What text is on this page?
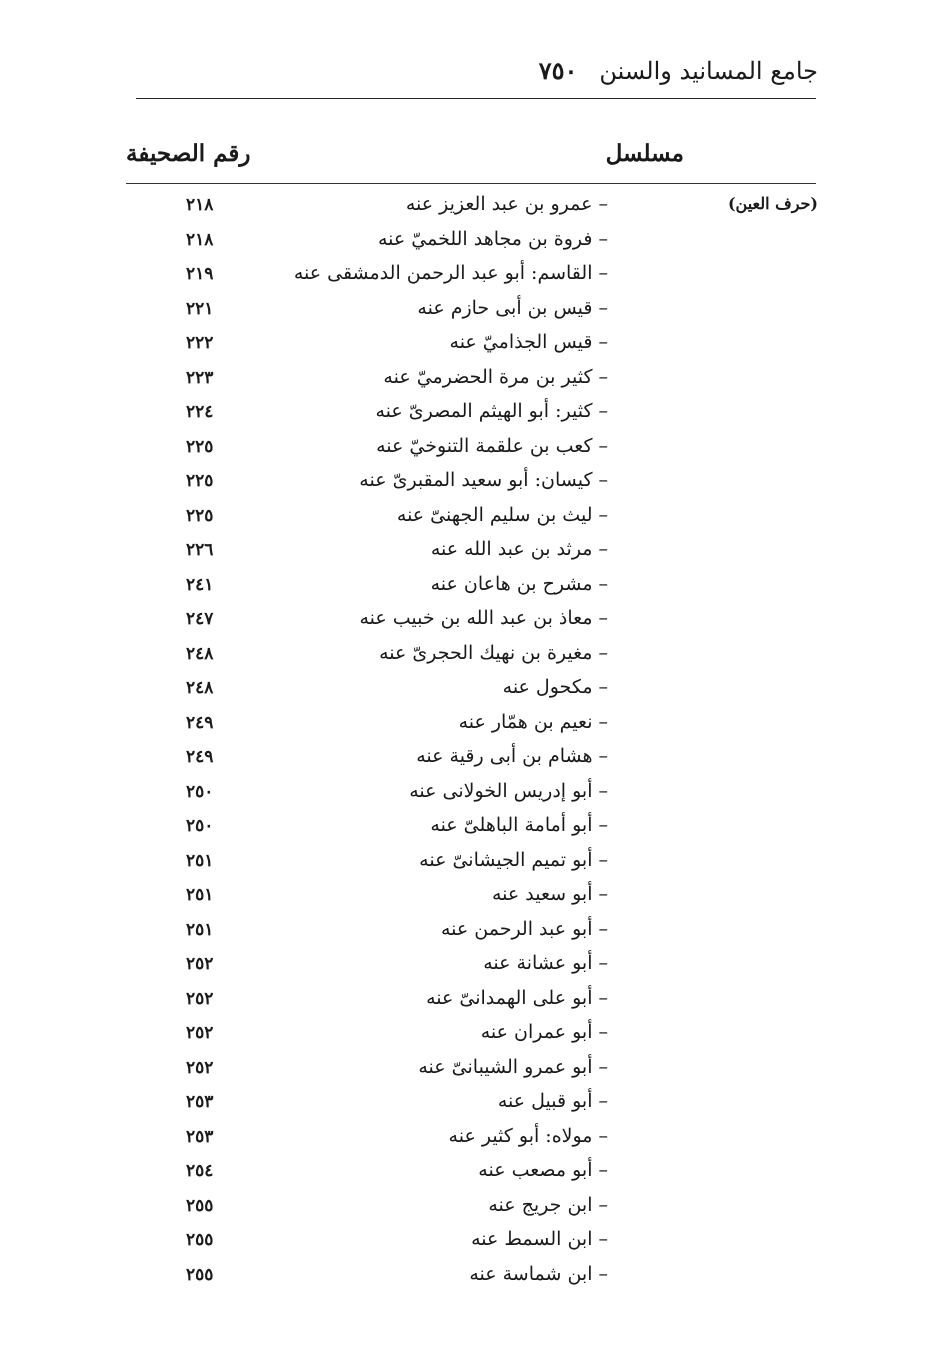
٧٥٠ جامع المسانيد والسنن
مسلسل
رقم الصحيفة
(حرف العين)
–عمرو بن عبد العزيز عنه
٢١٨
–فروة بن مجاهد اللخميّ عنه
٢١٨
–القاسم: أبو عبد الرحمن الدمشقى عنه
٢١٩
–قيس بن أبى حازم عنه
٢٢١
–قيس الجذاميّ عنه
٢٢٢
–كثير بن مرة الحضرميّ عنه
٢٢٣
–كثير: أبو الهيثم المصرىّ عنه
٢٢٤
–كعب بن علقمة التنوخيّ عنه
٢٢٥
–كيسان: أبو سعيد المقبرىّ عنه
٢٢٥
–ليث بن سليم الجهنىّ عنه
٢٢٥
–مرثد بن عبد الله عنه
٢٢٦
–مشرح بن هاعان عنه
٢٤١
–معاذ بن عبد الله بن خبيب عنه
٢٤٧
–مغيرة بن نهيك الحجرىّ عنه
٢٤٨
–مكحول عنه
٢٤٨
–نعيم بن همّار عنه
٢٤٩
–هشام بن أبى رقية عنه
٢٤٩
–أبو إدريس الخولانى عنه
٢٥٠
–أبو أمامة الباهلىّ عنه
٢٥٠
–أبو تميم الجيشانىّ عنه
٢٥١
–أبو سعيد عنه
٢٥١
–أبو عبد الرحمن عنه
٢٥١
–أبو عشانة عنه
٢٥٢
–أبو على الهمدانىّ عنه
٢٥٢
–أبو عمران عنه
٢٥٢
–أبو عمرو الشيبانىّ عنه
٢٥٢
–أبو قبيل عنه
٢٥٣
–مولاه: أبو كثير عنه
٢٥٣
–أبو مصعب عنه
٢٥٤
–ابن جريج عنه
٢٥٥
–ابن السمط عنه
٢٥٥
–ابن شماسة عنه
٢٥٥
